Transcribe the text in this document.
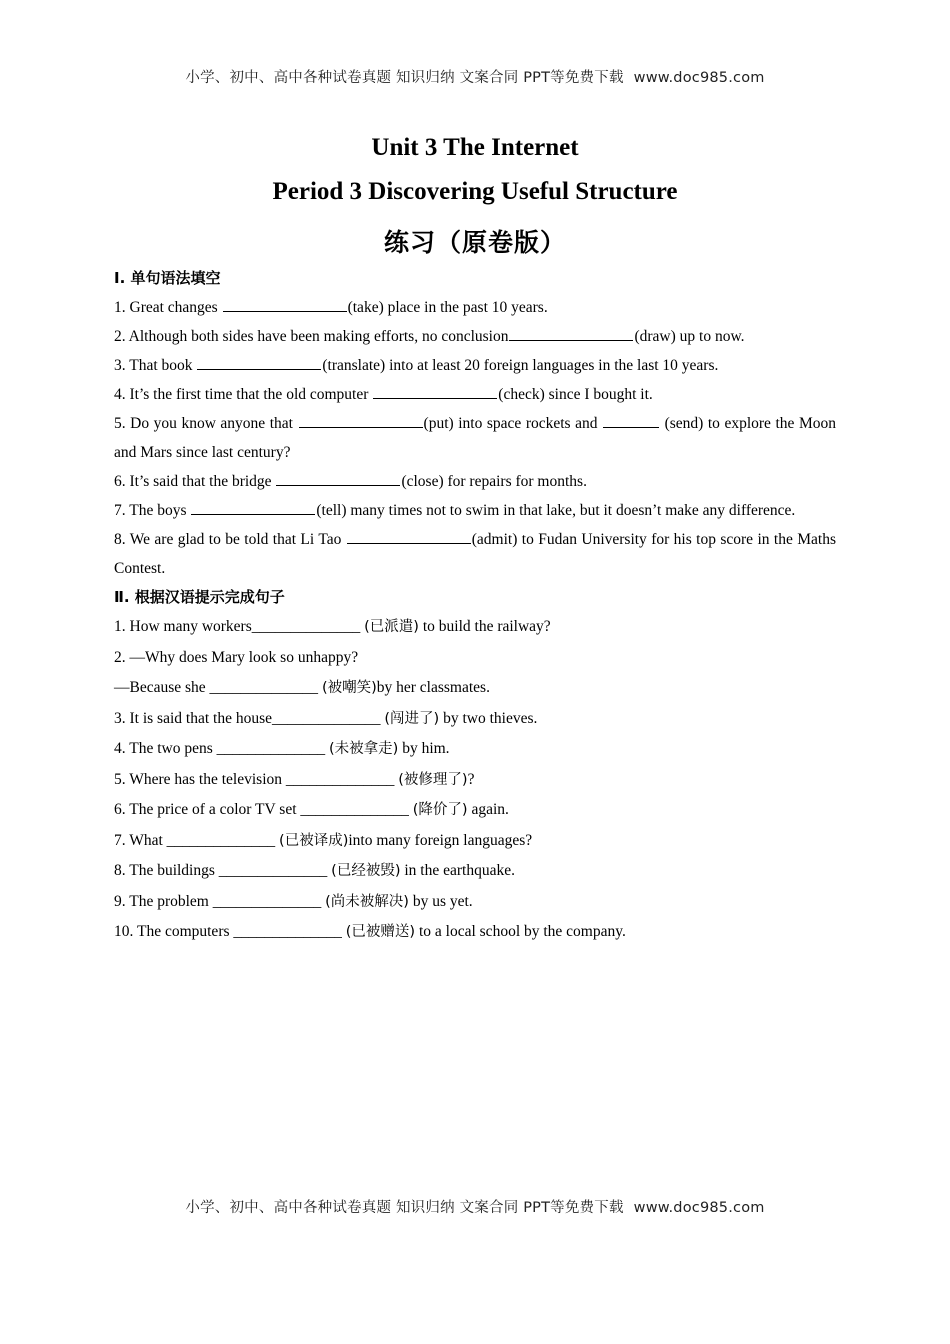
小学、初中、高中各种试卷真题 知识归纳 文案合同 PPT等免费下载 www.doc985.com
Unit 3 The Internet
Period 3 Discovering Useful Structure
练习（原卷版）
Ⅰ. 单句语法填空
1. Great changes	(take) place in the past 10 years.
2. Although both sides have been making efforts, no conclusion	(draw) up to now.
3. That book	(translate) into at least 20 foreign languages in the last 10 years.
4. It’s the first time that the old computer	(check) since I bought it.
5. Do you know anyone that	(put) into space rockets and	(send) to explore the Moon and Mars since last century?
6. It’s said that the bridge	(close) for repairs for months.
7. The boys	(tell) many times not to swim in that lake, but it doesn’t make any difference.
8. We are glad to be told that Li Tao	(admit) to Fudan University for his top score in the Maths Contest.
Ⅱ. 根据汉语提示完成句子
1. How many workers______________ (已派遣) to build the railway?
2. —Why does Mary look so unhappy?
—Because she ______________ (被嘲笑)by her classmates.
3. It is said that the house______________ (闯进了) by two thieves.
4. The two pens ______________ (未被拿走) by him.
5. Where has the television ______________ (被修理了)?
6. The price of a color TV set ______________ (降价了) again.
7. What ______________ (已被译成)into many foreign languages?
8. The buildings ______________ (已经被毁) in the earthquake.
9. The problem ______________ (尚未被解决) by us yet.
10. The computers ______________ (已被赠送) to a local school by the company.
小学、初中、高中各种试卷真题 知识归纳 文案合同 PPT等免费下载 www.doc985.com
